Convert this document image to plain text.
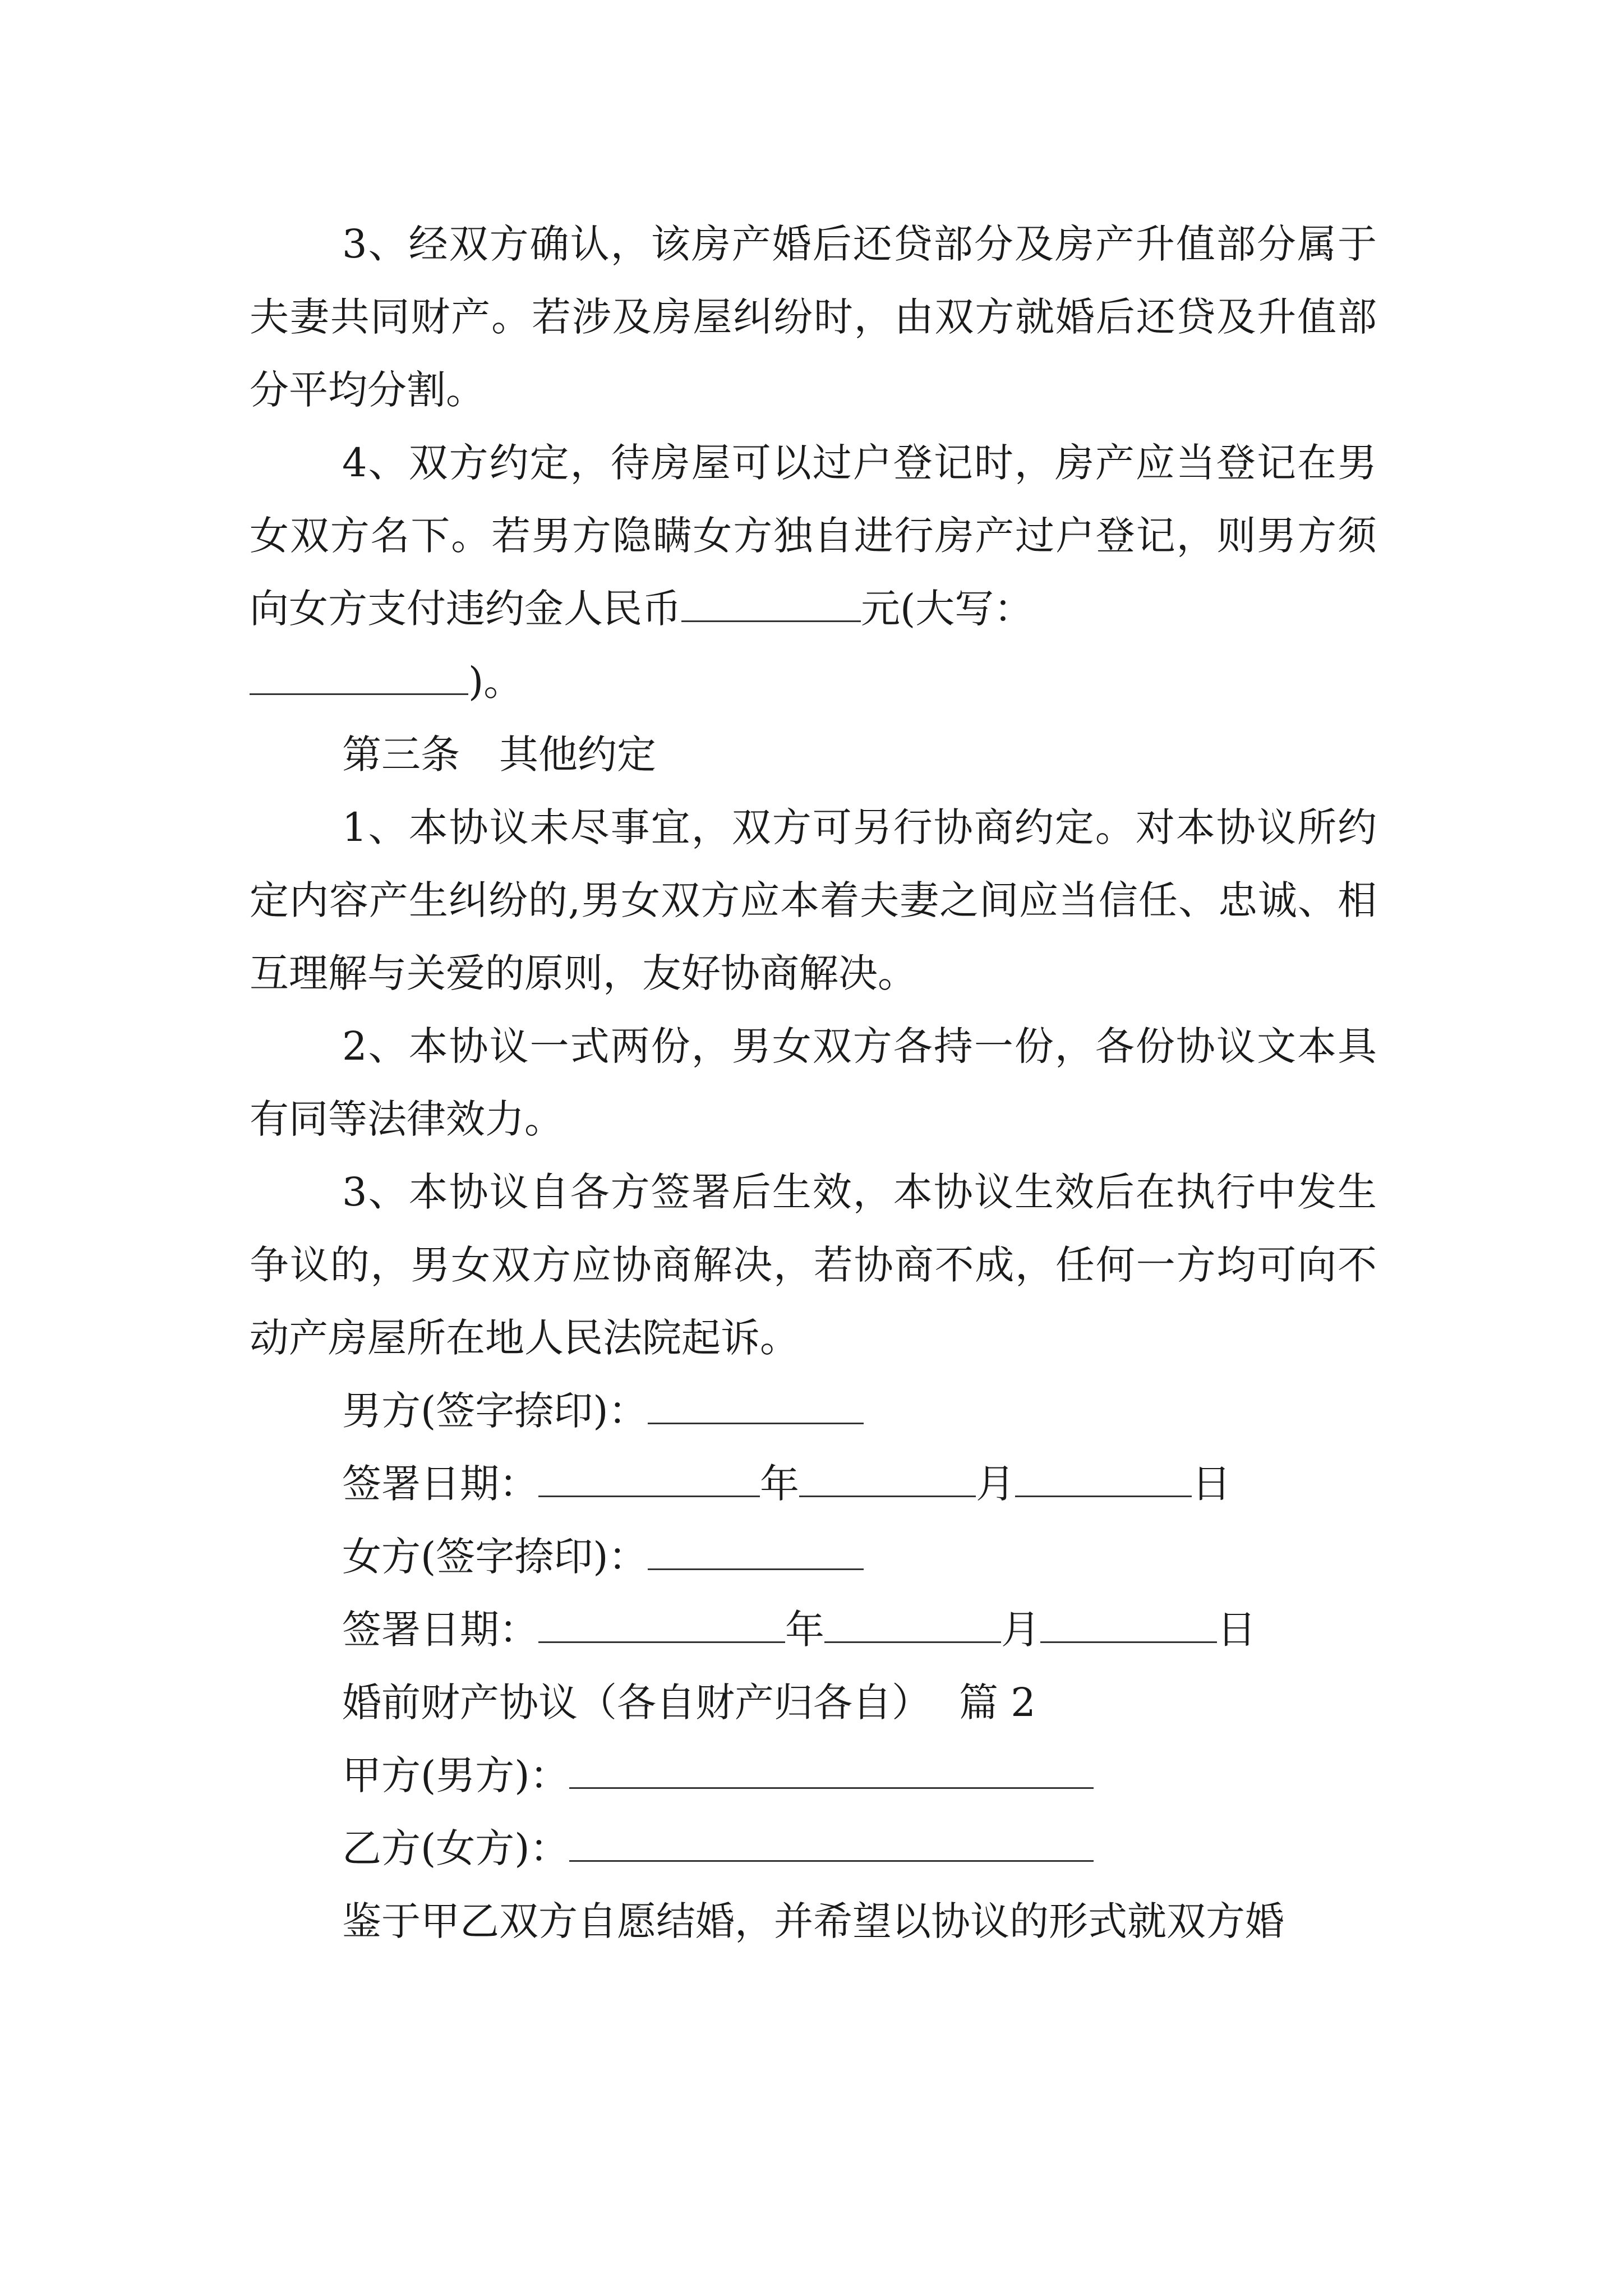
3、经双方确认，该房产婚后还贷部分及房产升值部分属于夫妻共同财产。若涉及房屋纠纷时，由双方就婚后还贷及升值部分平均分割。

4、双方约定，待房屋可以过户登记时，房产应当登记在男女双方名下。若男方隐瞒女方独自进行房产过户登记，则男方须向女方支付违约金人民币	元(大写：
)。

第三条 其他约定

1、本协议未尽事宜，双方可另行协商约定。对本协议所约定内容产生纠纷的,男女双方应本着夫妻之间应当信任、忠诚、相互理解与关爱的原则，友好协商解决。

2、本协议一式两份，男女双方各持一份，各份协议文本具有同等法律效力。

3、本协议自各方签署后生效，本协议生效后在执行中发生争议的，男女双方应协商解决，若协商不成，任何一方均可向不动产房屋所在地人民法院起诉。

男方(签字捺印)：

签署日期：	年	月	日

女方(签字捺印)：

签署日期：	年	月	日

婚前财产协议（各自财产归各自） 篇 2

甲方(男方)：

乙方(女方)：

鉴于甲乙双方自愿结婚，并希望以协议的形式就双方婚
